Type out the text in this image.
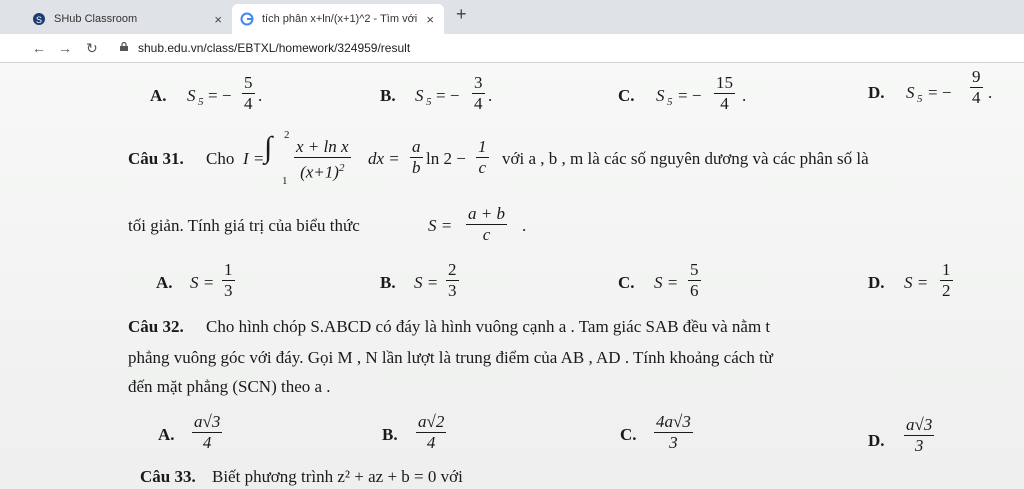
S SHub Classroom	×	tích phân x+ln/(x+1)^2 - Tìm với × +
← → ↻	shub.edu.vn/class/EBTXL/homework/324959/result
A. S 5 = − $\frac{5}{4}$ .	B. S 5 = − $\frac{3}{4}$ .	C. S 5 = − $\frac{15}{4}$ .	D. S 5 = − $\frac{9}{4}$ .
Câu 31. Cho I = ∫ 2
$1 \frac{\text{x + ln x}}{(x+1)^2}$ dx = $\frac{a}{b}$ $\ln 2 - \frac{1}{c}$ với a , b , m là các số nguyên dương và các phân số là
tối giản. Tính giá trị của biểu thức	$S = \frac{a + b}{c}$ .
A. $S = \frac{1}{3}$	B. $S = \frac{2}{3}$	C. $S = \frac{5}{6}$	D. $S = \frac{1}{2}$
Câu 32. Cho hình chóp S.ABCD có đáy là hình vuông cạnh a . Tam giác SAB đều và nằm t
phẳng vuông góc với đáy. Gọi M , N lần lượt là trung điểm của AB , AD . Tính khoảng cách từ
đến mặt phẳng (SCN) theo a .
A. $\frac{a√3}{4}$	B. $\frac{a√2}{4}$	C. $\frac{4a√3}{3}$	D. $\frac{a√3}{3}$
Câu 33. Biết phương trình z² + az + b = 0 với
